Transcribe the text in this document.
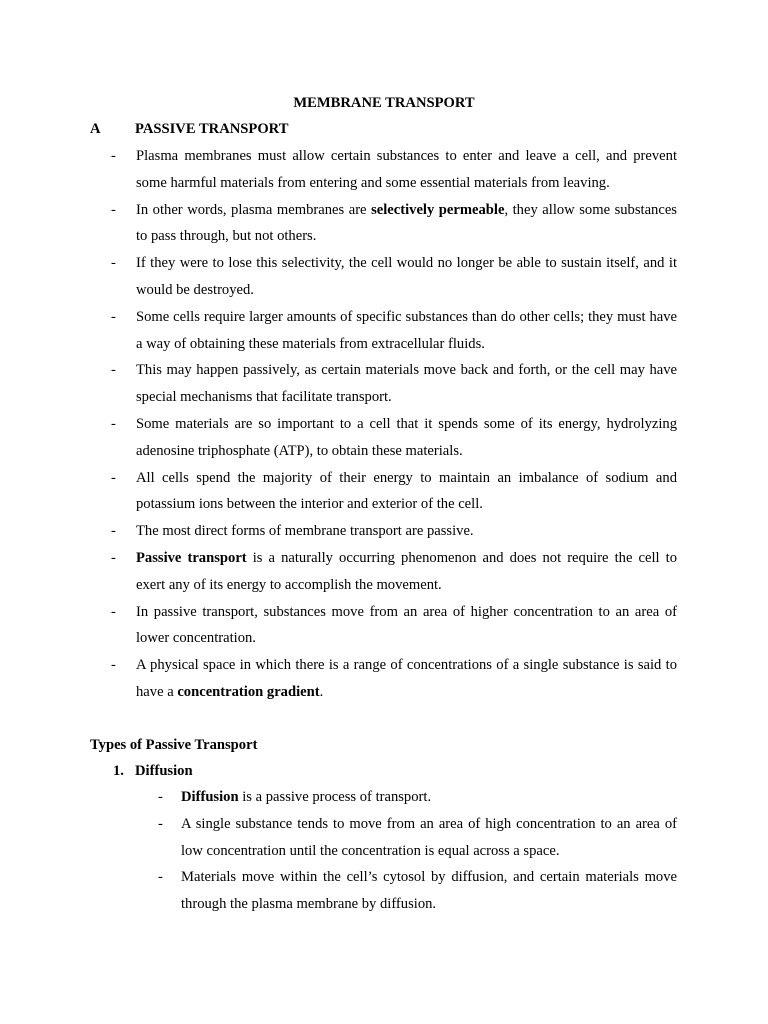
MEMBRANE TRANSPORT
A	PASSIVE TRANSPORT
- Plasma membranes must allow certain substances to enter and leave a cell, and prevent some harmful materials from entering and some essential materials from leaving.
- In other words, plasma membranes are selectively permeable, they allow some substances to pass through, but not others.
- If they were to lose this selectivity, the cell would no longer be able to sustain itself, and it would be destroyed.
- Some cells require larger amounts of specific substances than do other cells; they must have a way of obtaining these materials from extracellular fluids.
- This may happen passively, as certain materials move back and forth, or the cell may have special mechanisms that facilitate transport.
- Some materials are so important to a cell that it spends some of its energy, hydrolyzing adenosine triphosphate (ATP), to obtain these materials.
- All cells spend the majority of their energy to maintain an imbalance of sodium and potassium ions between the interior and exterior of the cell.
- The most direct forms of membrane transport are passive.
- Passive transport is a naturally occurring phenomenon and does not require the cell to exert any of its energy to accomplish the movement.
- In passive transport, substances move from an area of higher concentration to an area of lower concentration.
- A physical space in which there is a range of concentrations of a single substance is said to have a concentration gradient.
Types of Passive Transport
1. Diffusion
- Diffusion is a passive process of transport.
- A single substance tends to move from an area of high concentration to an area of low concentration until the concentration is equal across a space.
- Materials move within the cell’s cytosol by diffusion, and certain materials move through the plasma membrane by diffusion.
